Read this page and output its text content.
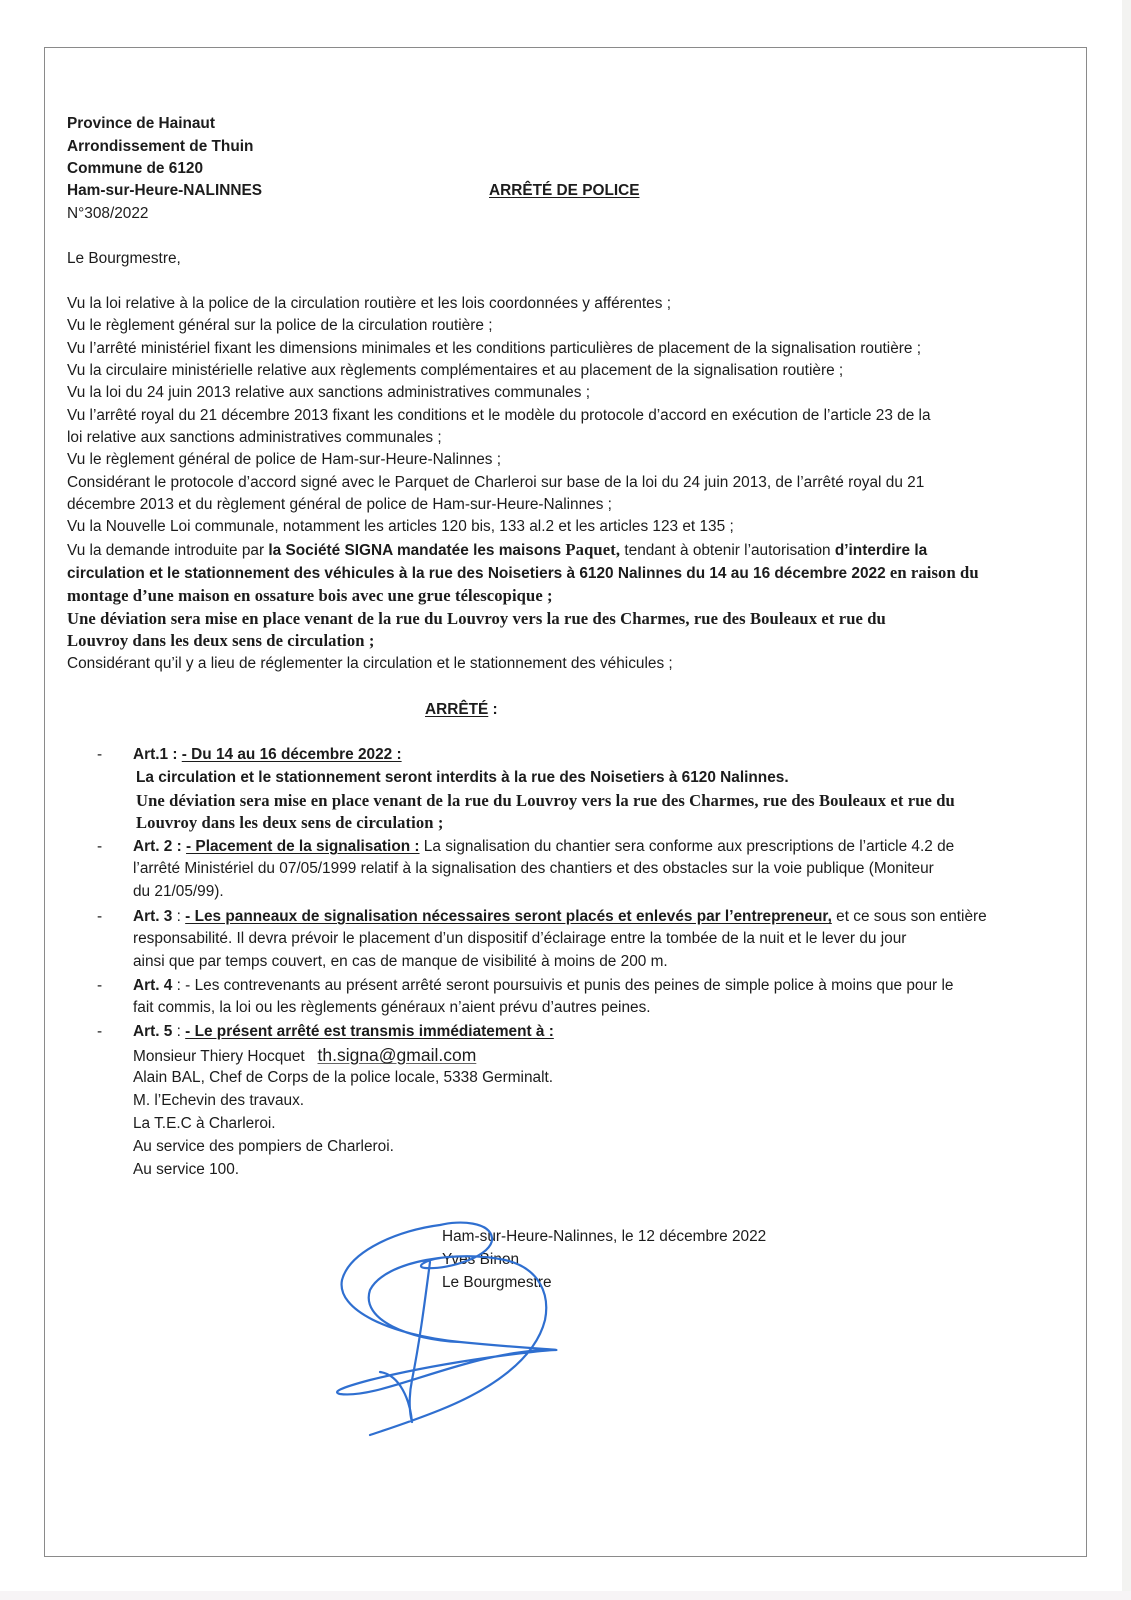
Province de Hainaut
Arrondissement de Thuin
Commune de 6120
Ham-sur-Heure-NALINNES
N°308/2022
ARRÊTÉ DE POLICE
Le Bourgmestre,
Vu la loi relative à la police de la circulation routière et les lois coordonnées y afférentes ;
Vu le règlement général sur la police de la circulation routière ;
Vu l’arrêté ministériel fixant les dimensions minimales et les conditions particulières de placement de la signalisation routière ;
Vu la circulaire ministérielle relative aux règlements complémentaires et au placement de la signalisation routière ;
Vu la loi du 24 juin 2013 relative aux sanctions administratives communales ;
Vu l’arrêté royal du 21 décembre 2013 fixant les conditions et le modèle du protocole d’accord en exécution de l’article 23 de la
loi relative aux sanctions administratives communales ;
Vu le règlement général de police de Ham-sur-Heure-Nalinnes ;
Considérant le protocole d’accord signé avec le Parquet de Charleroi sur base de la loi du 24 juin 2013, de l’arrêté royal du 21
décembre 2013 et du règlement général de police de Ham-sur-Heure-Nalinnes ;
Vu la Nouvelle Loi communale, notamment les articles 120 bis, 133 al.2 et les articles 123 et 135 ;
Vu la demande introduite par la Société SIGNA mandatée les maisons Paquet, tendant à obtenir l’autorisation d’interdire la
circulation et le stationnement des véhicules à la rue des Noisetiers à 6120 Nalinnes du 14 au 16 décembre 2022 en raison du
montage d’une maison en ossature bois avec une grue télescopique ;
Une déviation sera mise en place venant de la rue du Louvroy vers la rue des Charmes, rue des Bouleaux et rue du
Louvroy dans les deux sens de circulation ;
Considérant qu’il y a lieu de réglementer la circulation et le stationnement des véhicules ;
ARRÊTÉ :
- Art.1 : - Du 14 au 16 décembre 2022 :
La circulation et le stationnement seront interdits à la rue des Noisetiers à 6120 Nalinnes.
Une déviation sera mise en place venant de la rue du Louvroy vers la rue des Charmes, rue des Bouleaux et rue du
Louvroy dans les deux sens de circulation ;
- Art. 2 : - Placement de la signalisation : La signalisation du chantier sera conforme aux prescriptions de l’article 4.2 de
l’arrêté Ministériel du 07/05/1999 relatif à la signalisation des chantiers et des obstacles sur la voie publique (Moniteur
du 21/05/99).
- Art. 3 : - Les panneaux de signalisation nécessaires seront placés et enlevés par l’entrepreneur, et ce sous son entière
responsabilité. Il devra prévoir le placement d’un dispositif d’éclairage entre la tombée de la nuit et le lever du jour
ainsi que par temps couvert, en cas de manque de visibilité à moins de 200 m.
- Art. 4 : - Les contrevenants au présent arrêté seront poursuivis et punis des peines de simple police à moins que pour le
fait commis, la loi ou les règlements généraux n’aient prévu d’autres peines.
- Art. 5 : - Le présent arrêté est transmis immédiatement à :
Monsieur Thiery Hocquet th.signa@gmail.com
Alain BAL, Chef de Corps de la police locale, 5338 Germinalt.
M. l’Echevin des travaux.
La T.E.C à Charleroi.
Au service des pompiers de Charleroi.
Au service 100.
Ham-sur-Heure-Nalinnes, le 12 décembre 2022
Yves Binon
Le Bourgmestre
